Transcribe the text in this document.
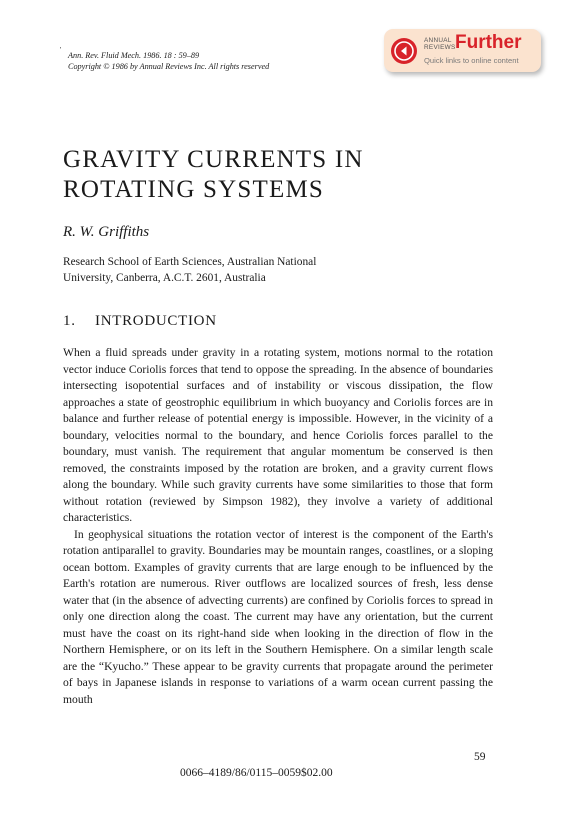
'
Ann. Rev. Fluid Mech. 1986. 18 : 59–89
Copyright © 1986 by Annual Reviews Inc. All rights reserved
ANNUAL
REVIEWS Further
Quick links to online content
GRAVITY CURRENTS IN
ROTATING SYSTEMS
R. W. Griffiths
Research School of Earth Sciences, Australian National
University, Canberra, A.C.T. 2601, Australia
1. INTRODUCTION

When a fluid spreads under gravity in a rotating system, motions normal to the rotation vector induce Coriolis forces that tend to oppose the spreading. In the absence of boundaries intersecting isopotential surfaces and of instability or viscous dissipation, the flow approaches a state of geostrophic equilibrium in which buoyancy and Coriolis forces are in balance and further release of potential energy is impossible. However, in the vicinity of a boundary, velocities normal to the boundary, and hence Coriolis forces parallel to the boundary, must vanish. The requirement that angular momentum be conserved is then removed, the constraints imposed by the rotation are broken, and a gravity current flows along the boundary. While such gravity currents have some similarities to those that form without rotation (reviewed by Simpson 1982), they involve a variety of additional characteristics.

In geophysical situations the rotation vector of interest is the component of the Earth's rotation antiparallel to gravity. Boundaries may be mountain ranges, coastlines, or a sloping ocean bottom. Examples of gravity currents that are large enough to be influenced by the Earth's rotation are numerous. River outflows are localized sources of fresh, less dense water that (in the absence of advecting currents) are confined by Coriolis forces to spread in only one direction along the coast. The current may have any orientation, but the current must have the coast on its right-hand side when looking in the direction of flow in the Northern Hemisphere, or on its left in the Southern Hemisphere. On a similar length scale are the “Kyucho.” These appear to be gravity currents that propagate around the perimeter of bays in Japanese islands in response to variations of a warm ocean current passing the mouth

59
0066–4189/86/0115–0059$02.00
